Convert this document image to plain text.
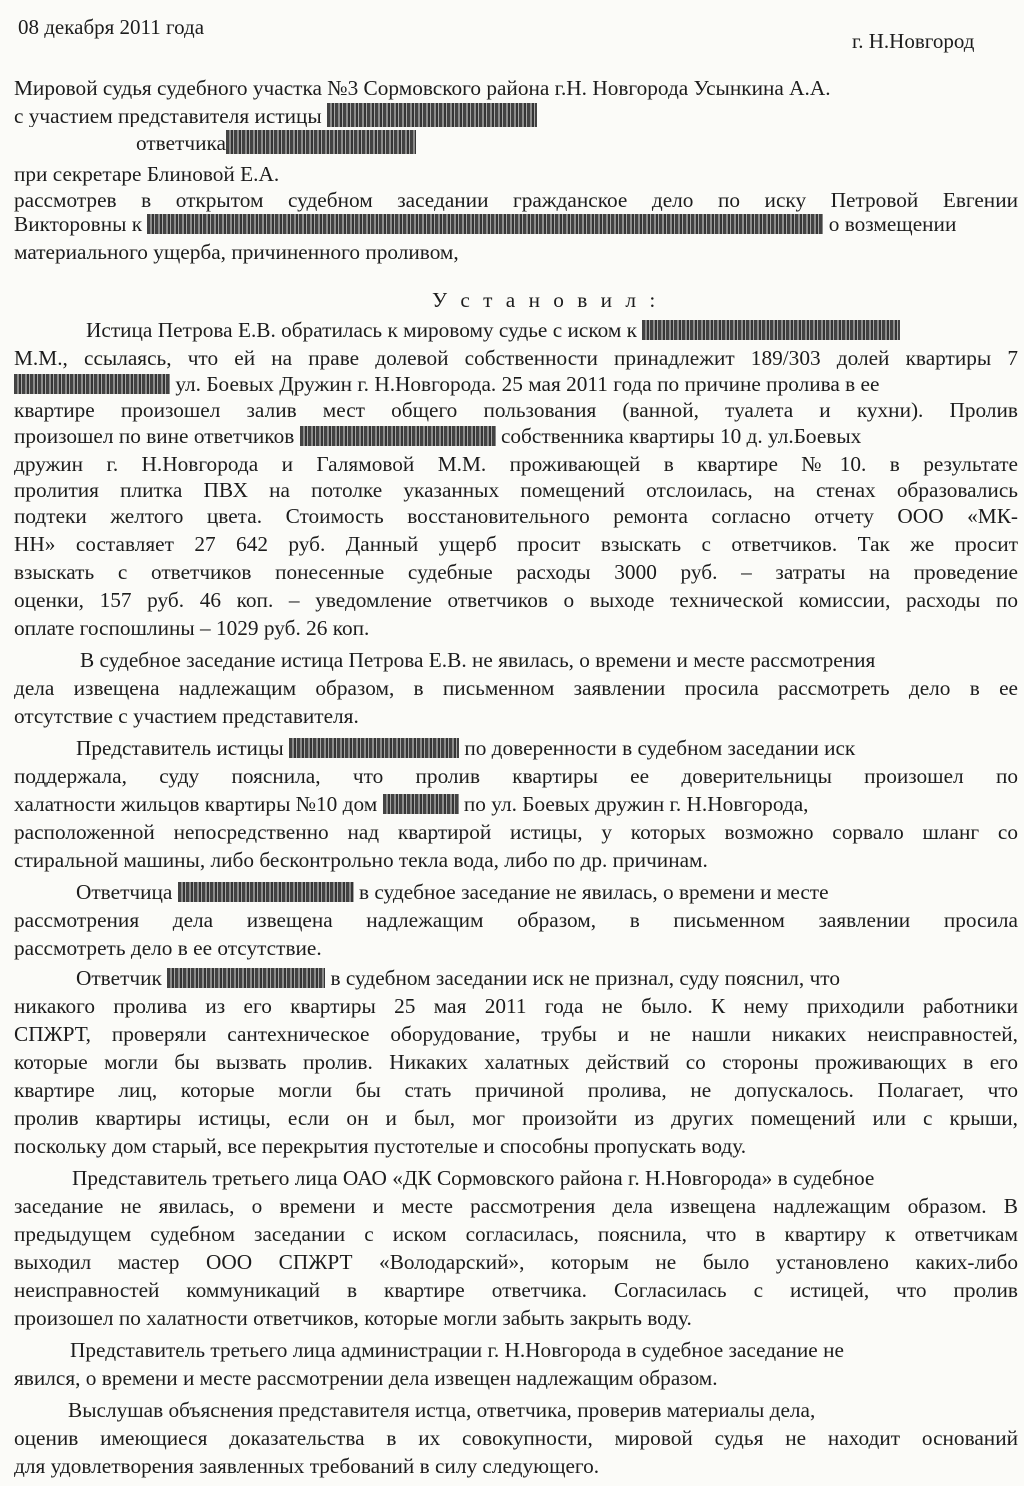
08 декабря 2011 года
г. Н.Новгород
Мировой судья судебного участка №3 Сормовского района г.Н. Новгорода Усынкина А.А.
с участием представителя истицы
ответчика
при секретаре Блиновой Е.А.
рассмотрев в открытом судебном заседании гражданское дело по иску Петровой Евгении
Викторовны к	о возмещении
материального ущерба, причиненного проливом,
У с т а н о в и л :
Истица Петрова Е.В. обратилась к мировому судье с иском к
М.М., ссылаясь, что ей на праве долевой собственности принадлежит 189/303 долей квартиры 7
ул. Боевых Дружин г. Н.Новгорода. 25 мая 2011 года по причине пролива в ее
квартире произошел залив мест общего пользования (ванной, туалета и кухни). Пролив
произошел по вине ответчиков	собственника квартиры 10 д. ул.Боевых
дружин г. Н.Новгорода и Галямовой М.М. проживающей в квартире №10. в результате
пролития плитка ПВХ на потолке указанных помещений отслоилась, на стенах образовались
подтеки желтого цвета. Стоимость восстановительного ремонта согласно отчету ООО «МК-
НН» составляет 27 642 руб. Данный ущерб просит взыскать с ответчиков. Так же просит
взыскать с ответчиков понесенные судебные расходы 3000 руб. – затраты на проведение
оценки, 157 руб. 46 коп. – уведомление ответчиков о выходе технической комиссии, расходы по
оплате госпошлины – 1029 руб. 26 коп.
В судебное заседание истица Петрова Е.В. не явилась, о времени и месте рассмотрения
дела извещена надлежащим образом, в письменном заявлении просила рассмотреть дело в ее
отсутствие с участием представителя.
Представитель истицы	по доверенности в судебном заседании иск
поддержала, суду пояснила, что пролив квартиры ее доверительницы произошел по
халатности жильцов квартиры №10 дом	по ул. Боевых дружин г. Н.Новгорода,
расположенной непосредственно над квартирой истицы, у которых возможно сорвало шланг со
стиральной машины, либо бесконтрольно текла вода, либо по др. причинам.
Ответчица	в судебное заседание не явилась, о времени и месте
рассмотрения дела извещена надлежащим образом, в письменном заявлении просила
рассмотреть дело в ее отсутствие.
Ответчик	в судебном заседании иск не признал, суду пояснил, что
никакого пролива из его квартиры 25 мая 2011 года не было. К нему приходили работники
СПЖРТ, проверяли сантехническое оборудование, трубы и не нашли никаких неисправностей,
которые могли бы вызвать пролив. Никаких халатных действий со стороны проживающих в его
квартире лиц, которые могли бы стать причиной пролива, не допускалось. Полагает, что
пролив квартиры истицы, если он и был, мог произойти из других помещений или с крыши,
поскольку дом старый, все перекрытия пустотелые и способны пропускать воду.
Представитель третьего лица ОАО «ДК Сормовского района г. Н.Новгорода» в судебное
заседание не явилась, о времени и месте рассмотрения дела извещена надлежащим образом. В
предыдущем судебном заседании с иском согласилась, пояснила, что в квартиру к ответчикам
выходил мастер ООО СПЖРТ «Володарский», которым не было установлено каких-либо
неисправностей коммуникаций в квартире ответчика. Согласилась с истицей, что пролив
произошел по халатности ответчиков, которые могли забыть закрыть воду.
Представитель третьего лица администрации г. Н.Новгорода в судебное заседание не
явился, о времени и месте рассмотрении дела извещен надлежащим образом.
Выслушав объяснения представителя истца, ответчика, проверив материалы дела,
оценив имеющиеся доказательства в их совокупности, мировой судья не находит оснований
для удовлетворения заявленных требований в силу следующего.
